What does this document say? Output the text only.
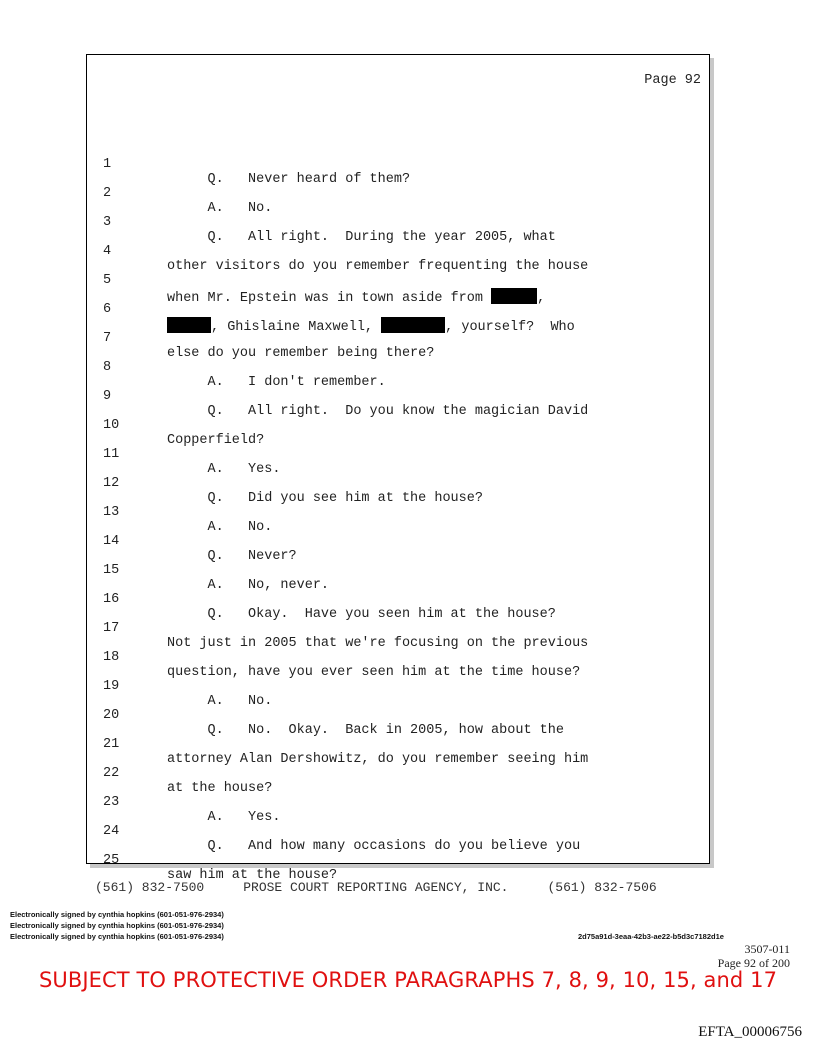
Page 92

1

Q.   Never heard of them?

2

A.   No.

3

Q.   All right.  During the year 2005, what

4

other visitors do you remember frequenting the house

5

when Mr. Epstein was in town aside from	,

6

, Ghislaine Maxwell,	, yourself?  Who

7

else do you remember being there?

8

A.   I don't remember.

9

Q.   All right.  Do you know the magician David

10

Copperfield?

11

A.   Yes.

12

Q.   Did you see him at the house?

13

A.   No.

14

Q.   Never?

15

A.   No, never.

16

Q.   Okay.  Have you seen him at the house?

17

Not just in 2005 that we're focusing on the previous

18

question, have you ever seen him at the time house?

19

A.   No.

20

Q.   No.  Okay.  Back in 2005, how about the

21

attorney Alan Dershowitz, do you remember seeing him

22

at the house?

23

A.   Yes.

24

Q.   And how many occasions do you believe you

25

saw him at the house?

(561) 832-7500     PROSE COURT REPORTING AGENCY, INC.     (561) 832-7506
Electronically signed by cynthia hopkins (601-051-976-2934)
Electronically signed by cynthia hopkins (601-051-976-2934)
Electronically signed by cynthia hopkins (601-051-976-2934)	2d75a91d-3eaa-42b3-ae22-b5d3c7182d1e
3507-011
Page 92 of 200
SUBJECT TO PROTECTIVE ORDER PARAGRAPHS 7, 8, 9, 10, 15, and 17
EFTA_00006756
